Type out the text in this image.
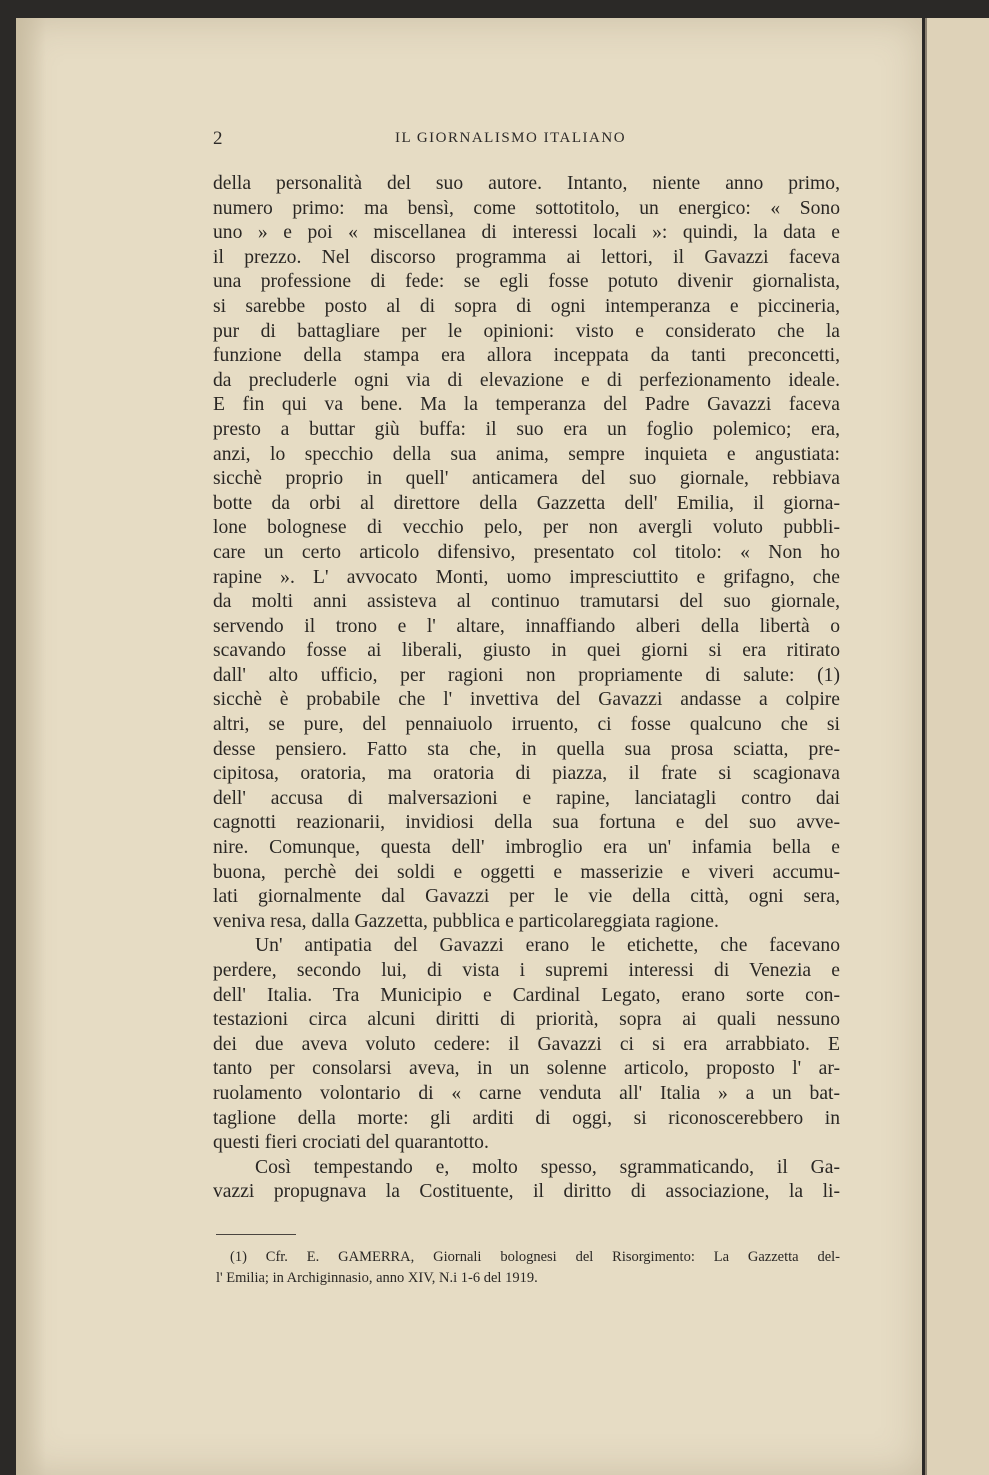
2	IL GIORNALISMO ITALIANO
della personalità del suo autore. Intanto, niente anno primo,
numero primo: ma bensì, come sottotitolo, un energico: « Sono
uno » e poi « miscellanea di interessi locali »: quindi, la data e
il prezzo. Nel discorso programma ai lettori, il Gavazzi faceva
una professione di fede: se egli fosse potuto divenir giornalista,
si sarebbe posto al di sopra di ogni intemperanza e piccineria,
pur di battagliare per le opinioni: visto e considerato che la
funzione della stampa era allora inceppata da tanti preconcetti,
da precluderle ogni via di elevazione e di perfezionamento ideale.
E fin qui va bene. Ma la temperanza del Padre Gavazzi faceva
presto a buttar giù buffa: il suo era un foglio polemico; era,
anzi, lo specchio della sua anima, sempre inquieta e angustiata:
sicchè proprio in quell' anticamera del suo giornale, rebbiava
botte da orbi al direttore della Gazzetta dell' Emilia, il giorna-
lone bolognese di vecchio pelo, per non avergli voluto pubbli-
care un certo articolo difensivo, presentato col titolo: « Non ho
rapine ». L' avvocato Monti, uomo impresciuttito e grifagno, che
da molti anni assisteva al continuo tramutarsi del suo giornale,
servendo il trono e l' altare, innaffiando alberi della libertà o
scavando fosse ai liberali, giusto in quei giorni si era ritirato
dall' alto ufficio, per ragioni non propriamente di salute: (1)
sicchè è probabile che l' invettiva del Gavazzi andasse a colpire
altri, se pure, del pennaiuolo irruento, ci fosse qualcuno che si
desse pensiero. Fatto sta che, in quella sua prosa sciatta, pre-
cipitosa, oratoria, ma oratoria di piazza, il frate si scagionava
dell' accusa di malversazioni e rapine, lanciatagli contro dai
cagnotti reazionarii, invidiosi della sua fortuna e del suo avve-
nire. Comunque, questa dell' imbroglio era un' infamia bella e
buona, perchè dei soldi e oggetti e masserizie e viveri accumu-
lati giornalmente dal Gavazzi per le vie della città, ogni sera,
veniva resa, dalla Gazzetta, pubblica e particolareggiata ragione.
Un' antipatia del Gavazzi erano le etichette, che facevano
perdere, secondo lui, di vista i supremi interessi di Venezia e
dell' Italia. Tra Municipio e Cardinal Legato, erano sorte con-
testazioni circa alcuni diritti di priorità, sopra ai quali nessuno
dei due aveva voluto cedere: il Gavazzi ci si era arrabbiato. E
tanto per consolarsi aveva, in un solenne articolo, proposto l' ar-
ruolamento volontario di « carne venduta all' Italia » a un bat-
taglione della morte: gli arditi di oggi, si riconoscerebbero in
questi fieri crociati del quarantotto.
Così tempestando e, molto spesso, sgrammaticando, il Ga-
vazzi propugnava la Costituente, il diritto di associazione, la li-
(1) Cfr. E. GAMERRA, Giornali bolognesi del Risorgimento: La Gazzetta del-
l' Emilia; in Archiginnasio, anno XIV, N.i 1-6 del 1919.
